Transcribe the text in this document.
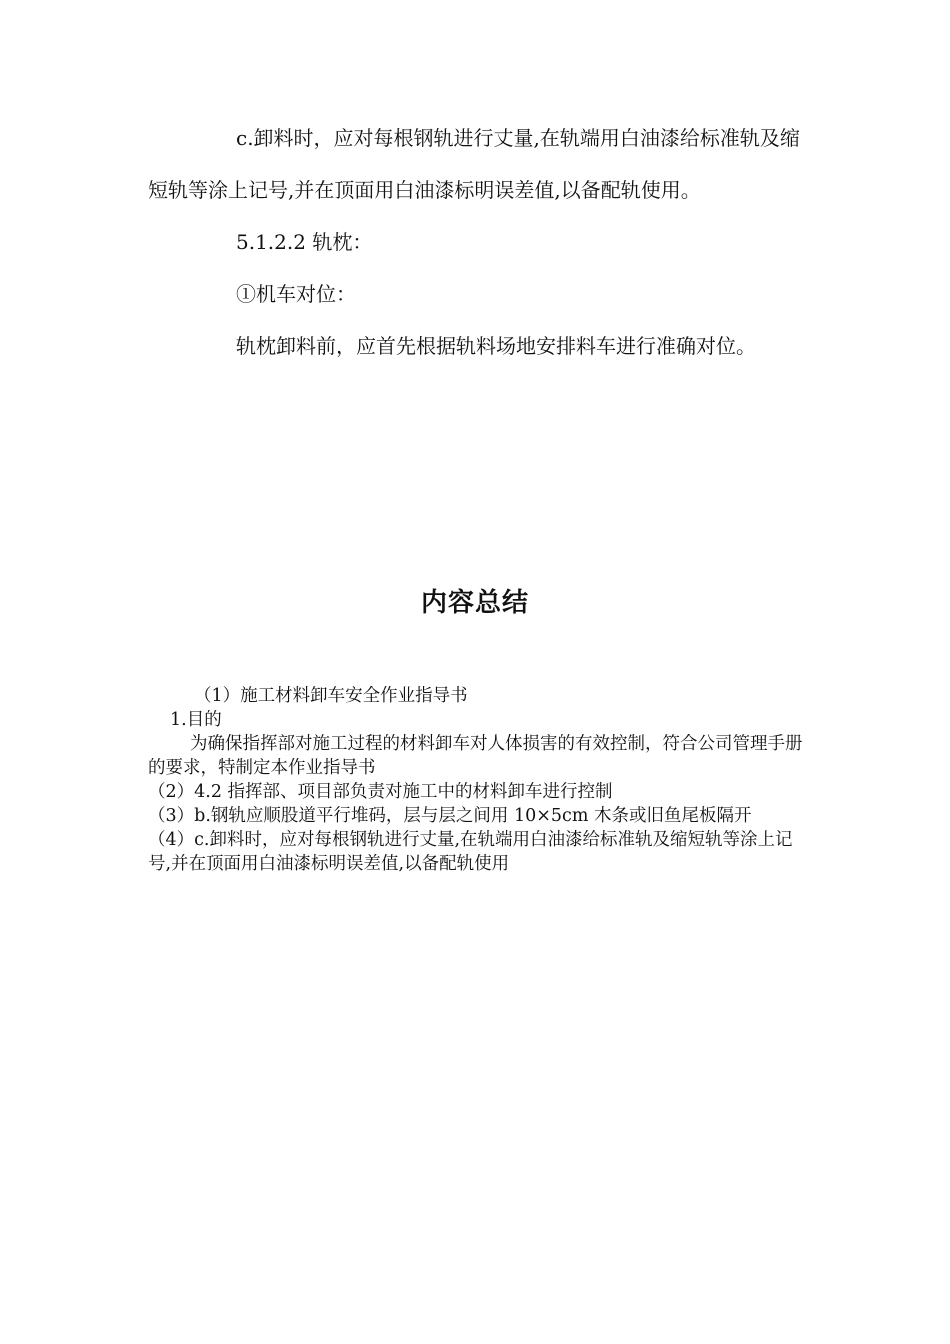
c.卸料时，应对每根钢轨进行丈量,在轨端用白油漆给标准轨及缩短轨等涂上记号,并在顶面用白油漆标明误差值,以备配轨使用。

5.1.2.2 轨枕：

①机车对位：

轨枕卸料前，应首先根据轨料场地安排料车进行准确对位。

内容总结

（1）施工材料卸车安全作业指导书

1.目的

为确保指挥部对施工过程的材料卸车对人体损害的有效控制，符合公司管理手册的要求，特制定本作业指导书

（2）4.2 指挥部、项目部负责对施工中的材料卸车进行控制

（3）b.钢轨应顺股道平行堆码，层与层之间用 10×5cm 木条或旧鱼尾板隔开

（4）c.卸料时，应对每根钢轨进行丈量,在轨端用白油漆给标准轨及缩短轨等涂上记号,并在顶面用白油漆标明误差值,以备配轨使用
